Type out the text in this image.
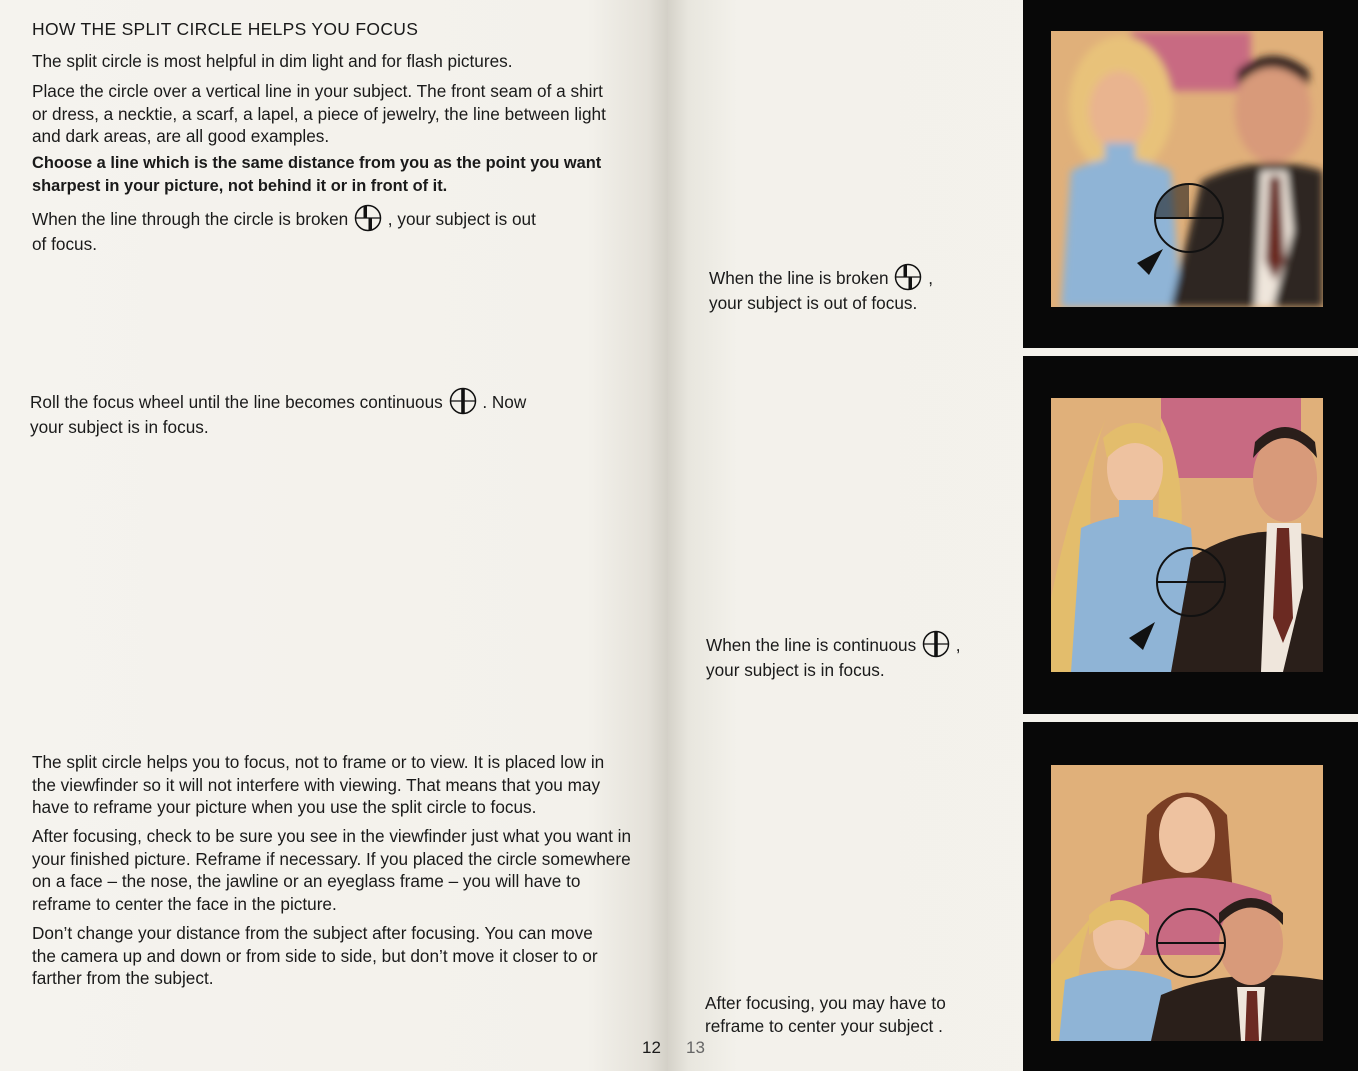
HOW THE SPLIT CIRCLE HELPS YOU FOCUS

The split circle is most helpful in dim light and for flash pictures.

Place the circle over a vertical line in your subject. The front seam of a shirt or dress, a necktie, a scarf, a lapel, a piece of jewelry, the line between light and dark areas, are all good examples.

Choose a line which is the same distance from you as the point you want sharpest in your picture, not behind it or in front of it.

When the line through the circle is broken , your subject is out of focus.

Roll the focus wheel until the line becomes continuous . Now your subject is in focus.

The split circle helps you to focus, not to frame or to view. It is placed low in the viewfinder so it will not interfere with viewing. That means that you may have to reframe your picture when you use the split circle to focus.

After focusing, check to be sure you see in the viewfinder just what you want in your finished picture. Reframe if necessary. If you placed the circle somewhere on a face – the nose, the jawline or an eyeglass frame – you will have to reframe to center the face in the picture.

Don’t change your distance from the subject after focusing. You can move the camera up and down or from side to side, but don’t move it closer to or farther from the subject.

12

When the line is broken , your subject is out of focus.

When the line is continuous , your subject is in focus.

After focusing, you may have to reframe to center your subject .

13
